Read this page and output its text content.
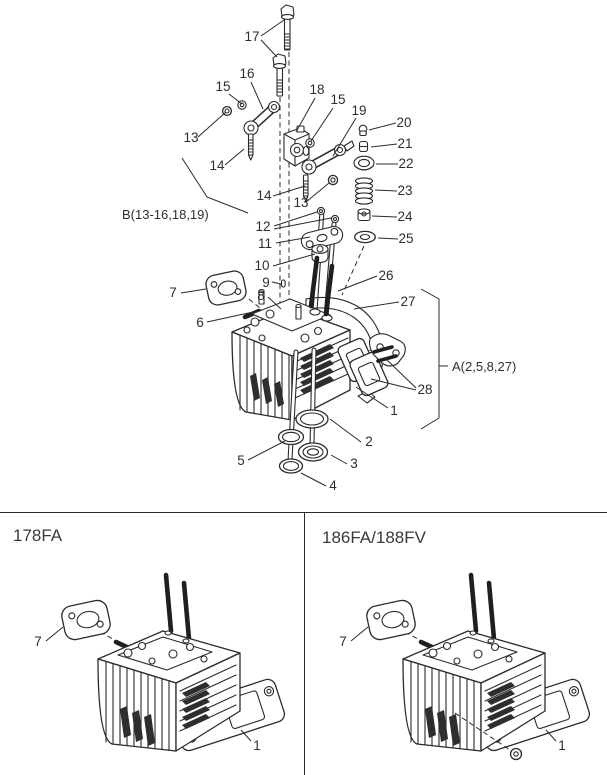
17
16
15
13
14
18
15
19
20
21
22
23
24
25
14 13
12
11
10
9
8
7
6
26
27
28
1
2
3
4
5
B(13-16,18,19)
A(2,5,8,27)
7
1
178FA
7
1
186FA/188FV
